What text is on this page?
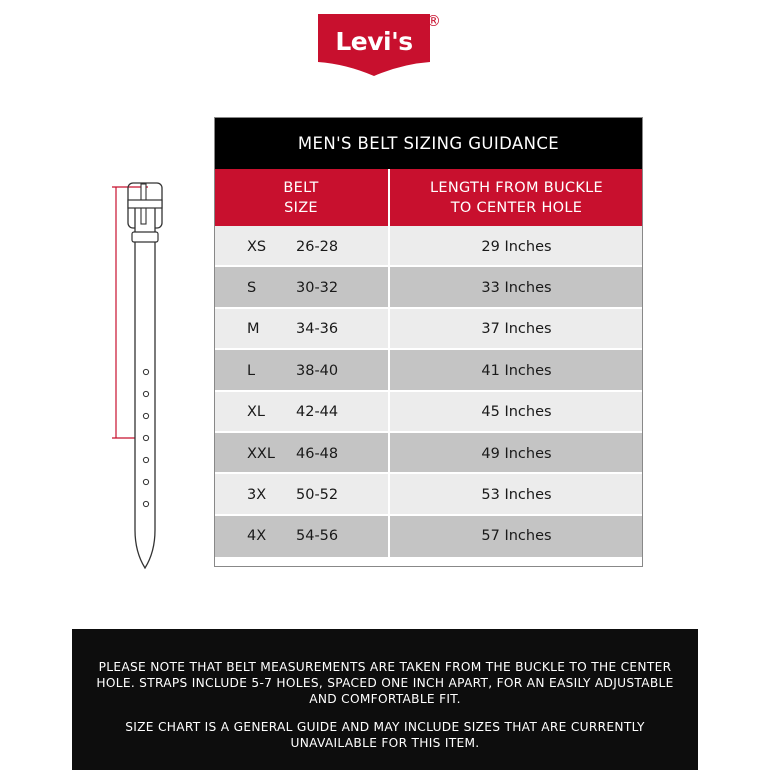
Levi's
®
MEN'S BELT SIZING GUIDANCE
BELT
SIZE
LENGTH FROM BUCKLE
TO CENTER HOLE
XS 26-28	29 Inches
S	30-32	33 Inches
M	34-36	37 Inches
L	38-40	41 Inches
XL 42-44	45 Inches
XXL 46-48	49 Inches
3X 50-52	53 Inches
4X 54-56	57 Inches

PLEASE NOTE THAT BELT MEASUREMENTS ARE TAKEN FROM THE BUCKLE TO THE CENTER HOLE. STRAPS INCLUDE 5-7 HOLES, SPACED ONE INCH APART, FOR AN EASILY ADJUSTABLE AND COMFORTABLE FIT.

SIZE CHART IS A GENERAL GUIDE AND MAY INCLUDE SIZES THAT ARE CURRENTLY UNAVAILABLE FOR THIS ITEM.
